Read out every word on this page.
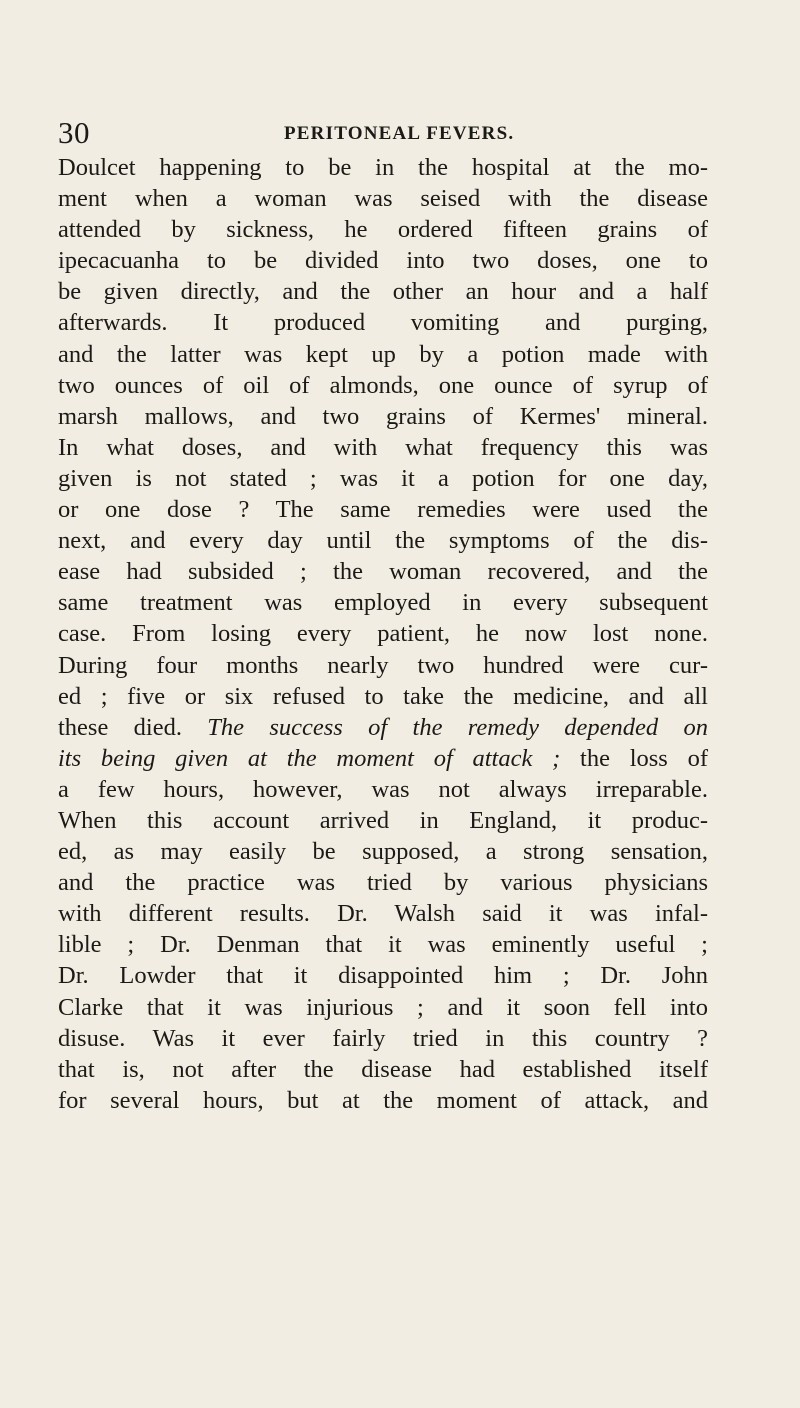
30	PERITONEAL FEVERS.
Doulcet happening to be in the hospital at the mo-
ment when a woman was seised with the disease
attended by sickness, he ordered fifteen grains of
ipecacuanha to be divided into two doses, one to
be given directly, and the other an hour and a half
afterwards. It produced vomiting and purging,
and the latter was kept up by a potion made with
two ounces of oil of almonds, one ounce of syrup of
marsh mallows, and two grains of Kermes' mineral.
In what doses, and with what frequency this was
given is not stated ; was it a potion for one day,
or one dose ? The same remedies were used the
next, and every day until the symptoms of the dis-
ease had subsided ; the woman recovered, and the
same treatment was employed in every subsequent
case. From losing every patient, he now lost none.
During four months nearly two hundred were cur-
ed ; five or six refused to take the medicine, and all
these died. The success of the remedy depended on
its being given at the moment of attack ; the loss of
a few hours, however, was not always irreparable.
When this account arrived in England, it produc-
ed, as may easily be supposed, a strong sensation,
and the practice was tried by various physicians
with different results. Dr. Walsh said it was infal-
lible ; Dr. Denman that it was eminently useful ;
Dr. Lowder that it disappointed him ; Dr. John
Clarke that it was injurious ; and it soon fell into
disuse. Was it ever fairly tried in this country ?
that is, not after the disease had established itself
for several hours, but at the moment of attack, and
